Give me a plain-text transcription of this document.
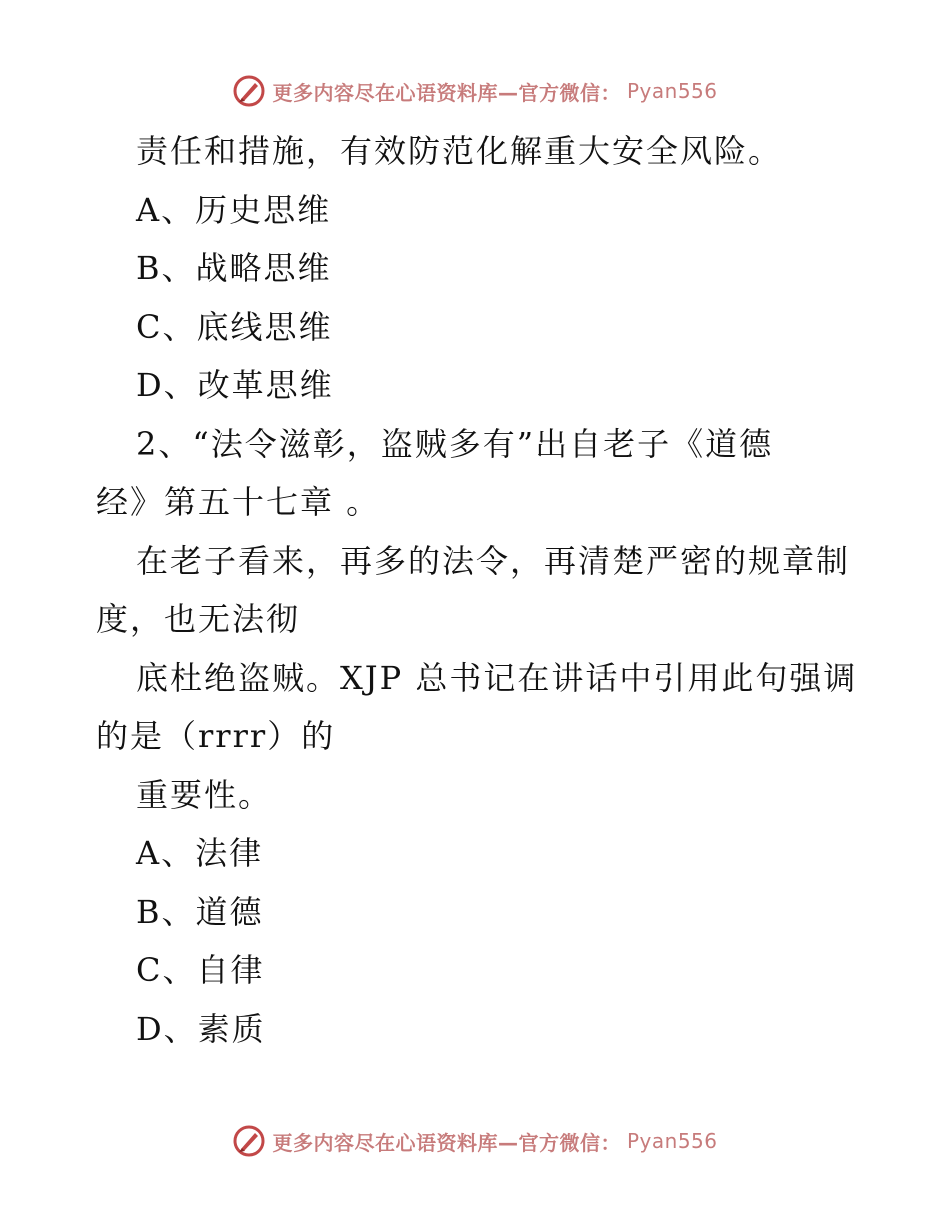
更多内容尽在心语资料库—官方微信： Pyan556
责任和措施，有效防范化解重大安全风险。
A、历史思维
B、战略思维
C、底线思维
D、改革思维
2、“法令滋彰，盗贼多有”出自老子《道德
经》第五十七章 。
在老子看来，再多的法令，再清楚严密的规章制
度，也无法彻
底杜绝盗贼。XJP 总书记在讲话中引用此句强调
的是（rrrr）的
重要性。
A、法律
B、道德
C、自律
D、素质
更多内容尽在心语资料库—官方微信： Pyan556
